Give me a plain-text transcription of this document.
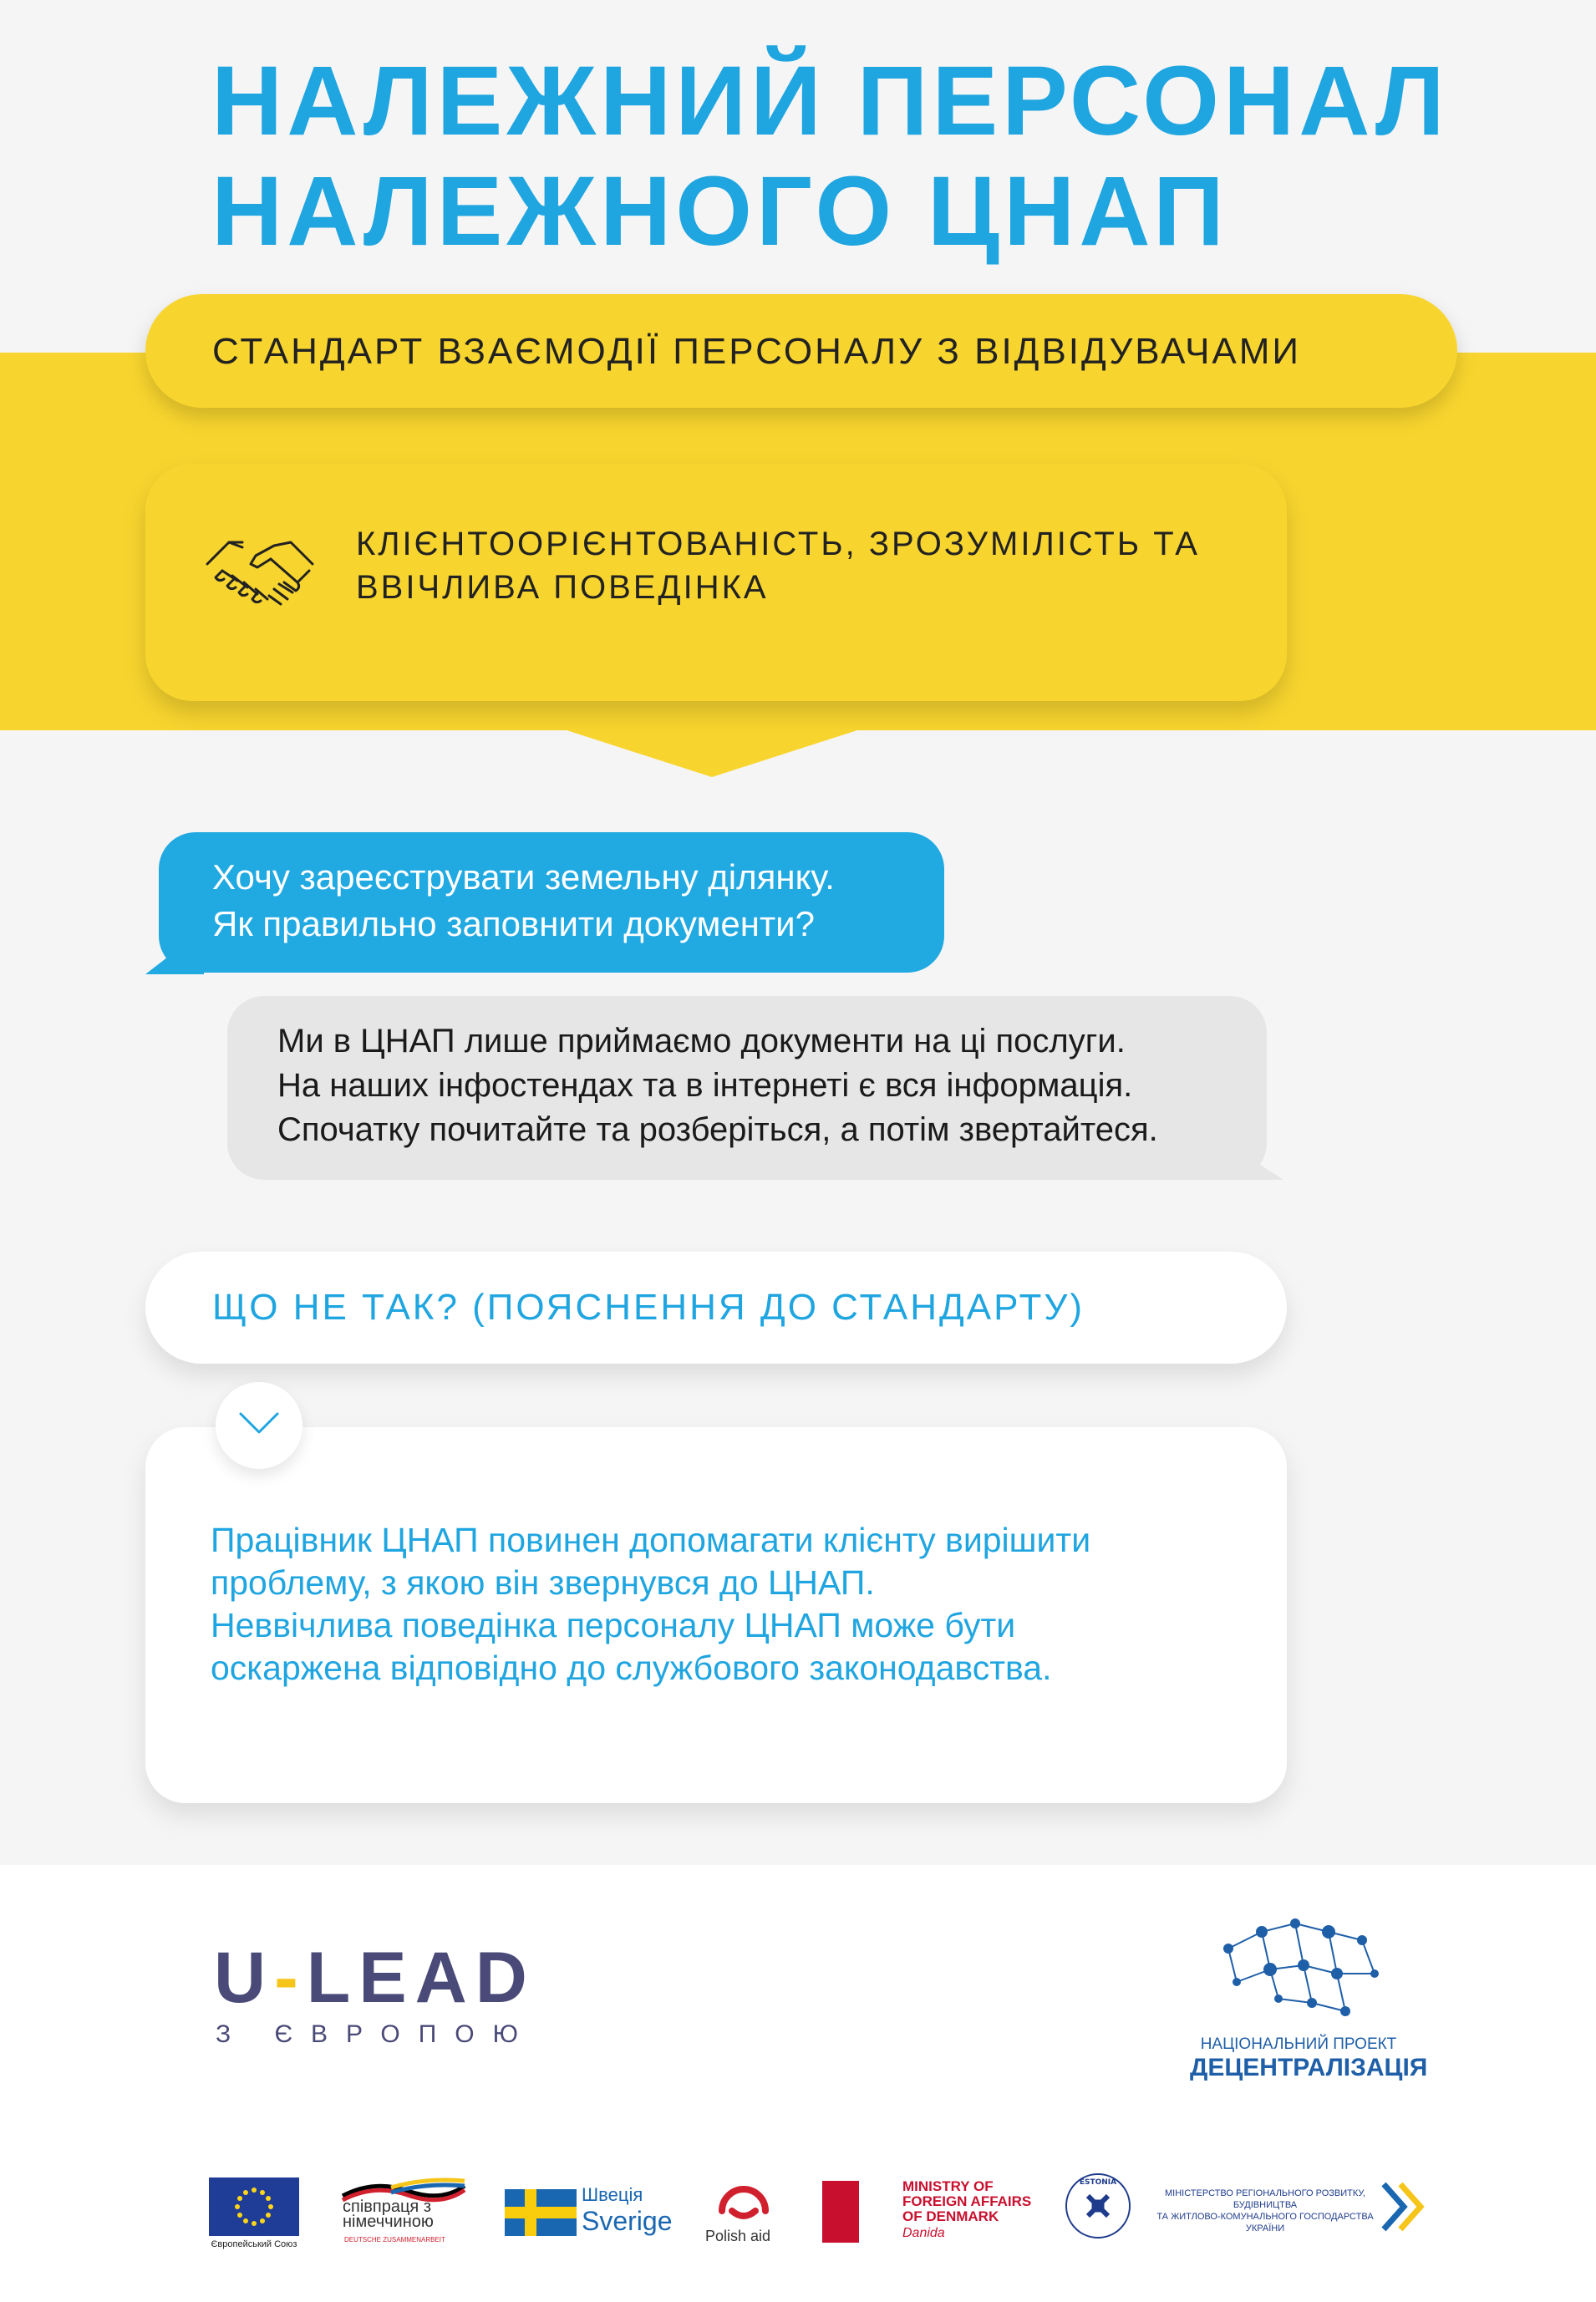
НАЛЕЖНИЙ ПЕРСОНАЛ
НАЛЕЖНОГО ЦНАП
СТАНДАРТ ВЗАЄМОДІЇ ПЕРСОНАЛУ З ВІДВІДУВАЧАМИ
КЛІЄНТООРІЄНТОВАНІСТЬ, ЗРОЗУМІЛІСТЬ ТА
ВВІЧЛИВА ПОВЕДІНКА
Хочу зареєструвати земельну ділянку.
Як правильно заповнити документи?
Ми в ЦНАП лише приймаємо документи на ці послуги.
На наших інфостендах та в інтернеті є вся інформація.
Спочатку почитайте та розберіться, а потім звертайтеся.
ЩО НЕ ТАК? (ПОЯСНЕННЯ ДО СТАНДАРТУ)
Працівник ЦНАП повинен допомагати клієнту вирішити
проблему, з якою він звернувся до ЦНАП.
Неввічлива поведінка персоналу ЦНАП може бути
оскаржена відповідно до службового законодавства.
U-LEAD
З ЄВРОПОЮ	НАЦІОНАЛЬНИЙ ПРОЕКТ
ДЕЦЕНТРАЛІЗАЦІЯ
Європейський Союз
співпраця з
німеччиною
DEUTSCHE ZUSAMMENARBEIT
Швеція
Sverige Polish aid
MINISTRY OF
FOREIGN AFFAIRS
OF DENMARK
Danida
ESTONIA
МІНІСТЕРСТВО РЕГІОНАЛЬНОГО РОЗВИТКУ,
БУДІВНИЦТВА
ТА ЖИТЛОВО-КОМУНАЛЬНОГО ГОСПОДАРСТВА
УКРАЇНИ
